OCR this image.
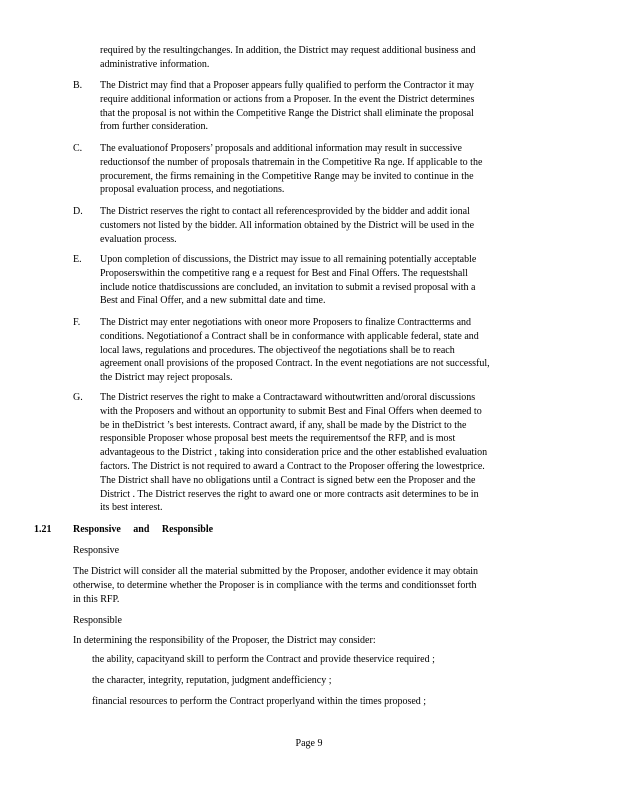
required by the resultingchanges. In addition, the District may request additional business and
administrative information.
B. The District may find that a Proposer appears fully qualified to perform the Contractor it may
require additional information or actions from a Proposer. In the event the District determines
that the proposal is not within the Competitive Range the District shall eliminate the proposal
from further consideration.
C. The evaluationof Proposers’ proposals and additional information may result in successive
reductionsof the number of proposals thatremain in the Competitive Ra nge. If applicable to the
procurement, the firms remaining in the Competitive Range may be invited to continue in the
proposal evaluation process, and negotiations.
D. The District reserves the right to contact all referencesprovided by the bidder and addit ional
customers not listed by the bidder. All information obtained by the District will be used in the
evaluation process.
E. Upon completion of discussions, the District may issue to all remaining potentially acceptable
Proposerswithin the competitive rang e a request for Best and Final Offers. The requestshall
include notice thatdiscussions are concluded, an invitation to submit a revised proposal with a
Best and Final Offer, and a new submittal date and time.
F. The District may enter negotiations with oneor more Proposers to finalize Contractterms and
conditions. Negotiationof a Contract shall be in conformance with applicable federal, state and
local laws, regulations and procedures. The objectiveof the negotiations shall be to reach
agreement onall provisions of the proposed Contract. In the event negotiations are not successful,
the District may reject proposals.
G. The District reserves the right to make a Contractaward withoutwritten and/ororal discussions
with the Proposers and without an opportunity to submit Best and Final Offers when deemed to
be in theDistrict ’s best interests. Contract award, if any, shall be made by the District to the
responsible Proposer whose proposal best meets the requirementsof the RFP, and is most
advantageous to the District , taking into consideration price and the other established evaluation
factors. The District is not required to award a Contract to the Proposer offering the lowestprice.
The District shall have no obligations until a Contract is signed betw een the Proposer and the
District . The District reserves the right to award one or more contracts asit determines to be in
its best interest.
1.21 Responsive and Responsible
Responsive
The District will consider all the material submitted by the Proposer, andother evidence it may obtain
otherwise, to determine whether the Proposer is in compliance with the terms and conditionsset forth
in this RFP.
Responsible
In determining the responsibility of the Proposer, the District may consider:
the ability, capacityand skill to perform the Contract and provide theservice required ;
the character, integrity, reputation, judgment andefficiency ;
financial resources to perform the Contract properlyand within the times proposed ;
Page 9
